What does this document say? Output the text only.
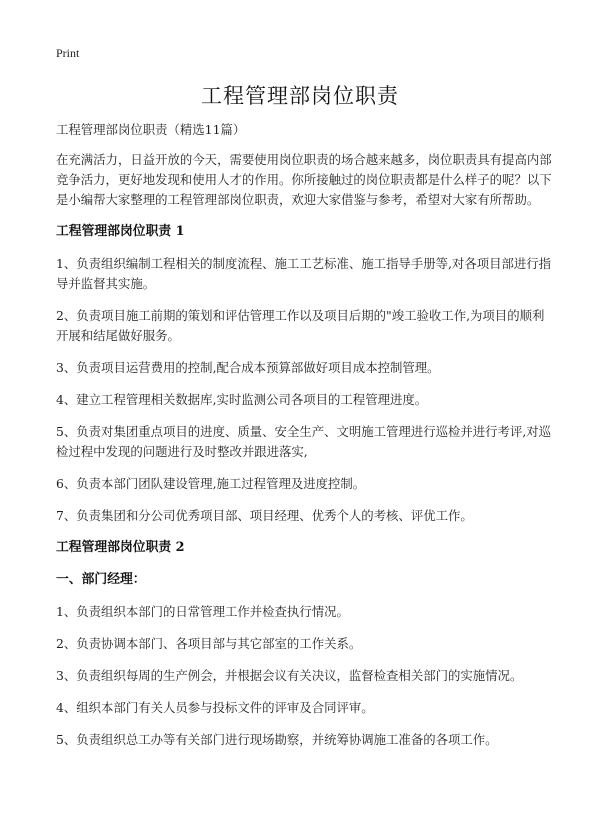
Print
工程管理部岗位职责

工程管理部岗位职责（精选11篇）

在充满活力，日益开放的今天，需要使用岗位职责的场合越来越多，岗位职责具有提高内部竞争活力，更好地发现和使用人才的作用。你所接触过的岗位职责都是什么样子的呢？以下是小编帮大家整理的工程管理部岗位职责，欢迎大家借鉴与参考，希望对大家有所帮助。

工程管理部岗位职责 1

1、负责组织编制工程相关的制度流程、施工工艺标准、施工指导手册等,对各项目部进行指导并监督其实施。

2、负责项目施工前期的策划和评估管理工作以及项目后期的"竣工验收工作,为项目的顺利开展和结尾做好服务。

3、负责项目运营费用的控制,配合成本预算部做好项目成本控制管理。

4、建立工程管理相关数据库,实时监测公司各项目的工程管理进度。

5、负责对集团重点项目的进度、质量、安全生产、文明施工管理进行巡检并进行考评,对巡检过程中发现的问题进行及时整改并跟进落实,

6、负责本部门团队建设管理,施工过程管理及进度控制。

7、负责集团和分公司优秀项目部、项目经理、优秀个人的考核、评优工作。

工程管理部岗位职责 2
一、部门经理：

1、负责组织本部门的日常管理工作并检查执行情况。

2、负责协调本部门、各项目部与其它部室的工作关系。

3、负责组织每周的生产例会，并根据会议有关决议，监督检查相关部门的实施情况。

4、组织本部门有关人员参与投标文件的评审及合同评审。

5、负责组织总工办等有关部门进行现场勘察，并统筹协调施工准备的各项工作。
